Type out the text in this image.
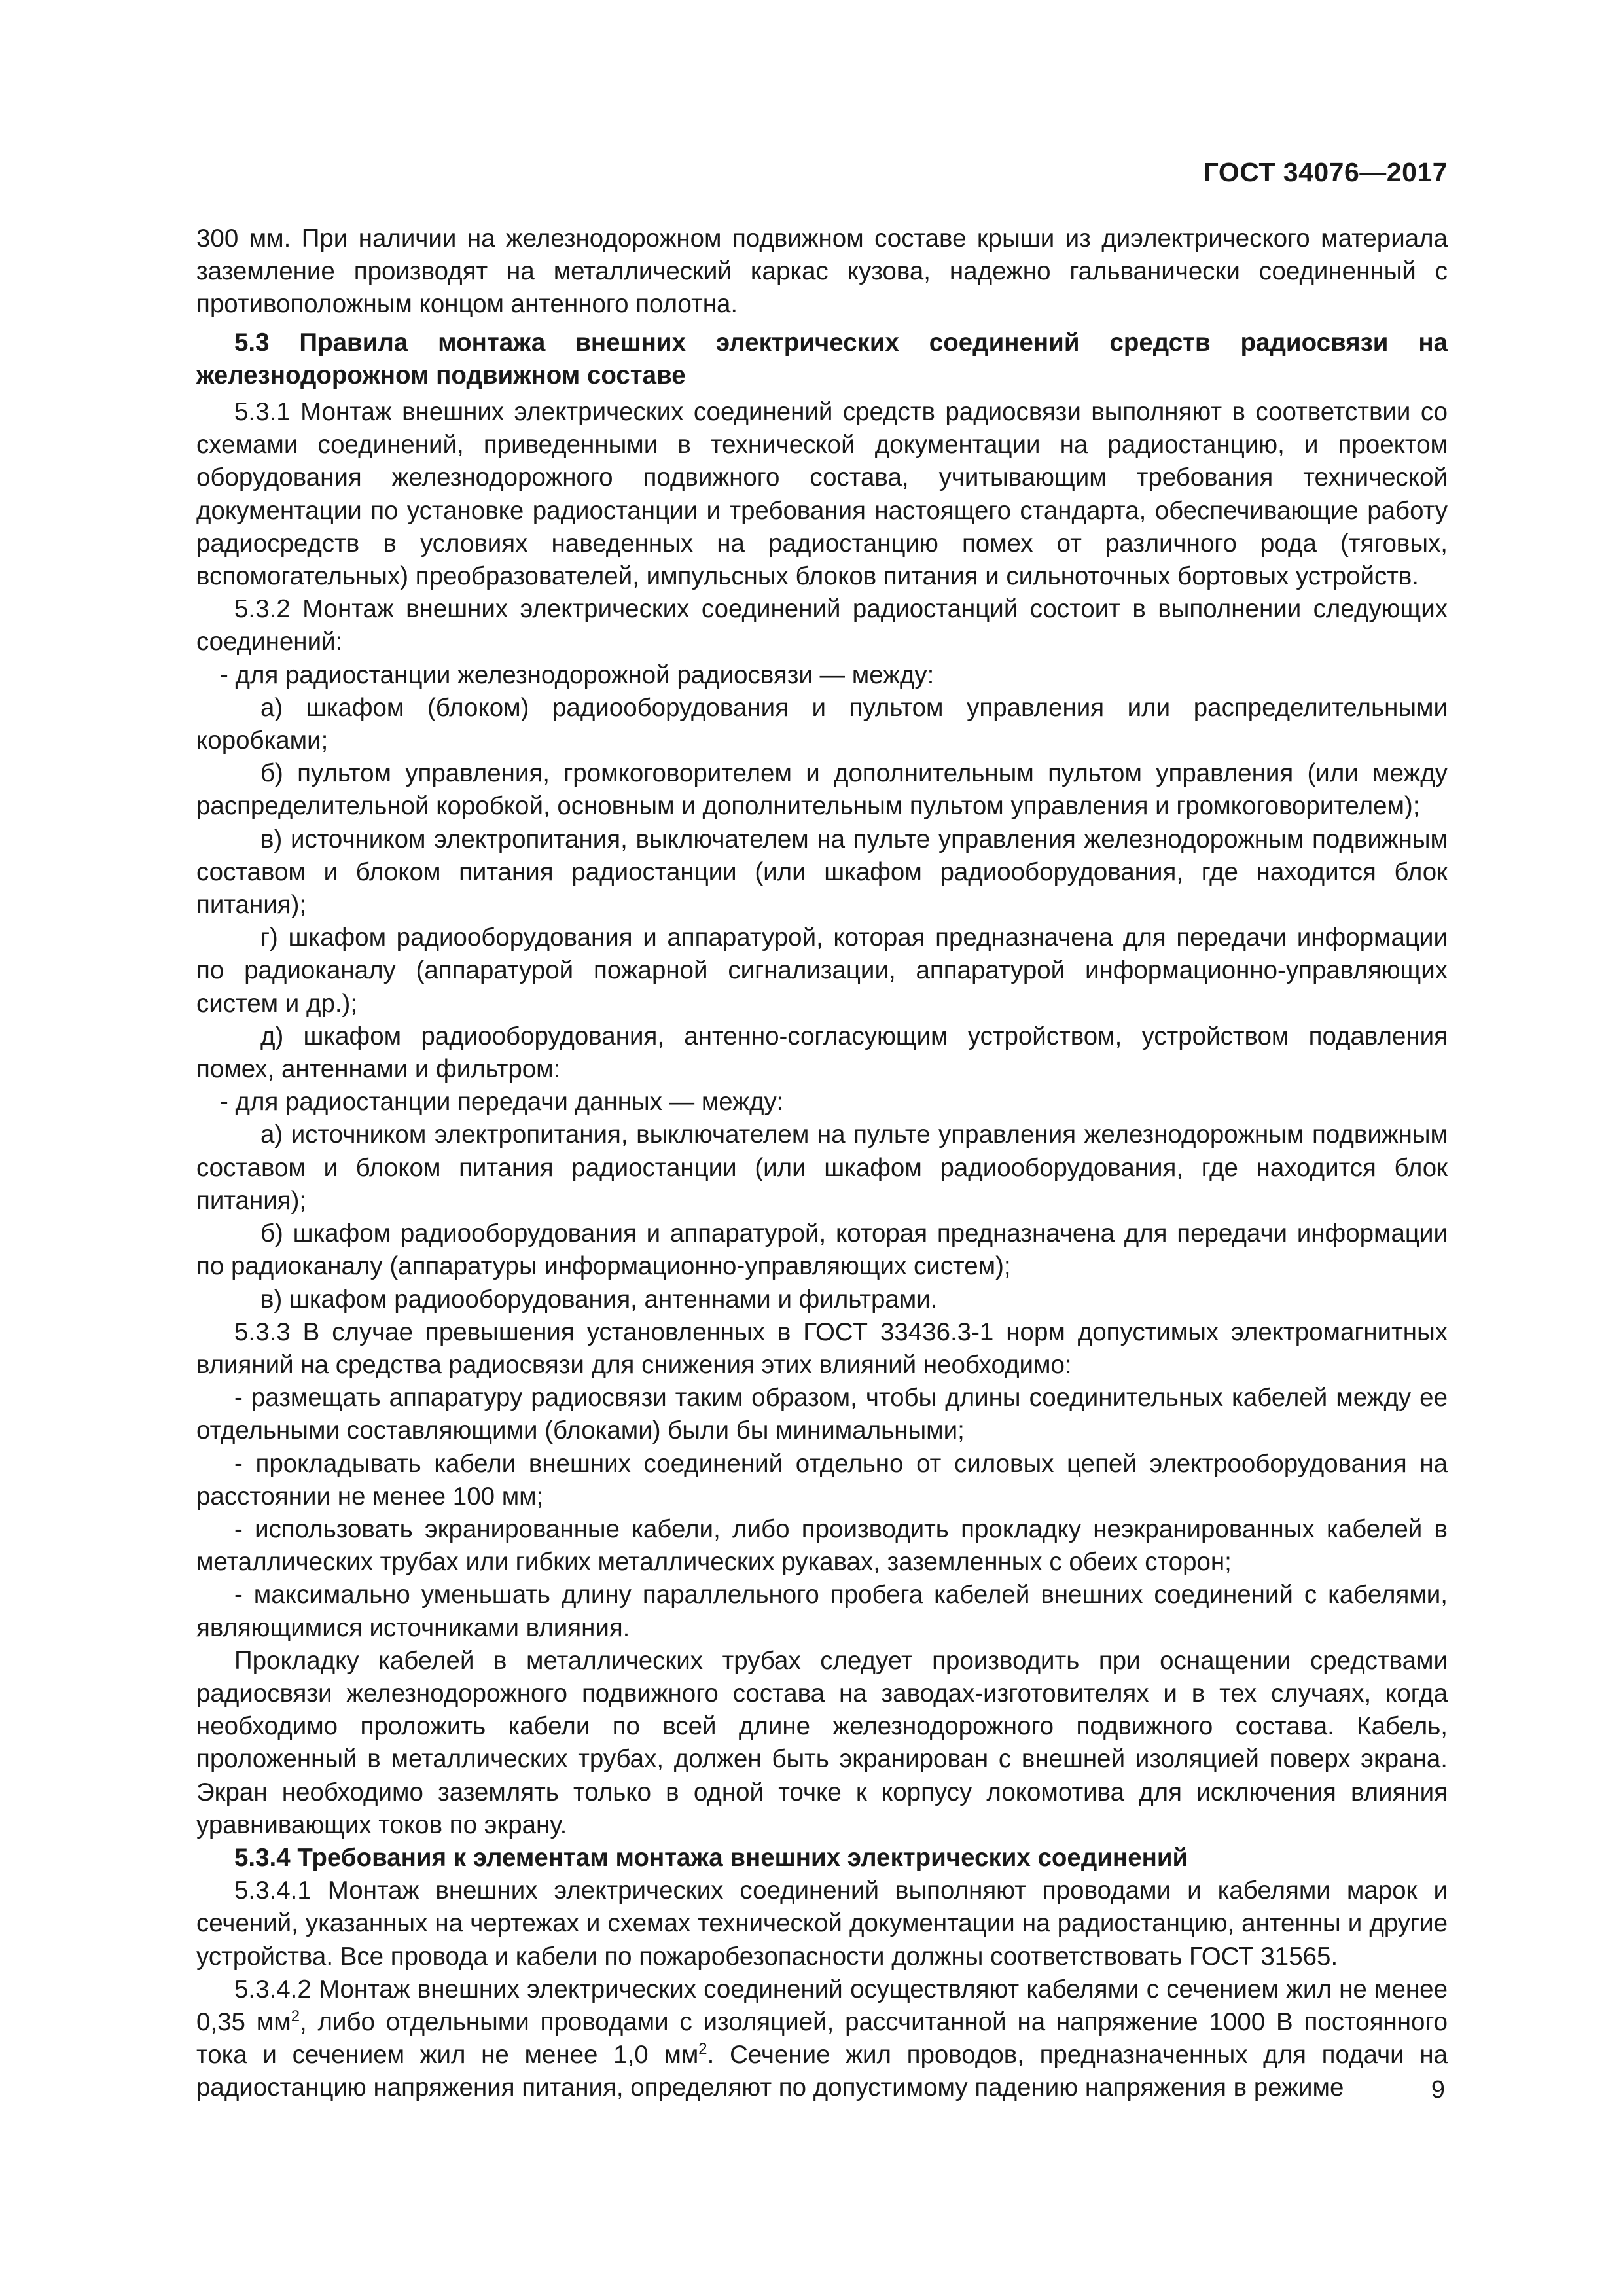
ГОСТ 34076—2017

300 мм. При наличии на железнодорожном подвижном составе крыши из диэлектрического материала заземление производят на металлический каркас кузова, надежно гальванически соединенный с противоположным концом антенного полотна.

5.3 Правила монтажа внешних электрических соединений средств радиосвязи на железнодорожном подвижном составе

5.3.1 Монтаж внешних электрических соединений средств радиосвязи выполняют в соответствии со схемами соединений, приведенными в технической документации на радиостанцию, и проектом оборудования железнодорожного подвижного состава, учитывающим требования технической документации по установке радиостанции и требования настоящего стандарта, обеспечивающие работу радиосредств в условиях наведенных на радиостанцию помех от различного рода (тяговых, вспомогательных) преобразователей, импульсных блоков питания и сильноточных бортовых устройств.

5.3.2 Монтаж внешних электрических соединений радиостанций состоит в выполнении следующих соединений:

- для радиостанции железнодорожной радиосвязи — между:

а) шкафом (блоком) радиооборудования и пультом управления или распределительными коробками;

б) пультом управления, громкоговорителем и дополнительным пультом управления (или между распределительной коробкой, основным и дополнительным пультом управления и громкоговорителем);

в) источником электропитания, выключателем на пульте управления железнодорожным подвижным составом и блоком питания радиостанции (или шкафом радиооборудования, где находится блок питания);

г) шкафом радиооборудования и аппаратурой, которая предназначена для передачи информации по радиоканалу (аппаратурой пожарной сигнализации, аппаратурой информационно-управляющих систем и др.);

д) шкафом радиооборудования, антенно-согласующим устройством, устройством подавления помех, антеннами и фильтром:

- для радиостанции передачи данных — между:

а) источником электропитания, выключателем на пульте управления железнодорожным подвижным составом и блоком питания радиостанции (или шкафом радиооборудования, где находится блок питания);

б) шкафом радиооборудования и аппаратурой, которая предназначена для передачи информации по радиоканалу (аппаратуры информационно-управляющих систем);

в) шкафом радиооборудования, антеннами и фильтрами.

5.3.3 В случае превышения установленных в ГОСТ 33436.3-1 норм допустимых электромагнитных влияний на средства радиосвязи для снижения этих влияний необходимо:

- размещать аппаратуру радиосвязи таким образом, чтобы длины соединительных кабелей между ее отдельными составляющими (блоками) были бы минимальными;

- прокладывать кабели внешних соединений отдельно от силовых цепей электрооборудования на расстоянии не менее 100 мм;

- использовать экранированные кабели, либо производить прокладку неэкранированных кабелей в металлических трубах или гибких металлических рукавах, заземленных с обеих сторон;

- максимально уменьшать длину параллельного пробега кабелей внешних соединений с кабелями, являющимися источниками влияния.

Прокладку кабелей в металлических трубах следует производить при оснащении средствами радиосвязи железнодорожного подвижного состава на заводах-изготовителях и в тех случаях, когда необходимо проложить кабели по всей длине железнодорожного подвижного состава. Кабель, проложенный в металлических трубах, должен быть экранирован с внешней изоляцией поверх экрана. Экран необходимо заземлять только в одной точке к корпусу локомотива для исключения влияния уравнивающих токов по экрану.

5.3.4 Требования к элементам монтажа внешних электрических соединений

5.3.4.1 Монтаж внешних электрических соединений выполняют проводами и кабелями марок и сечений, указанных на чертежах и схемах технической документации на радиостанцию, антенны и другие устройства. Все провода и кабели по пожаробезопасности должны соответствовать ГОСТ 31565.

5.3.4.2 Монтаж внешних электрических соединений осуществляют кабелями с сечением жил не менее 0,35 $мм^2$, либо отдельными проводами с изоляцией, рассчитанной на напряжение 1000 В постоянного тока и сечением жил не менее 1,0 $мм^2$. Сечение жил проводов, предназначенных для подачи на радиостанцию напряжения питания, определяют по допустимому падению напряжения в режиме	9
